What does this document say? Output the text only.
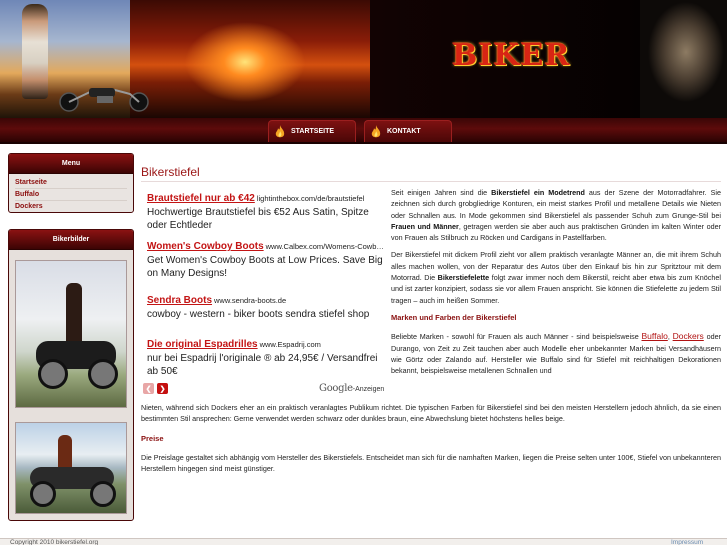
BIKER
STARTSEITE	KONTAKT
Menu
Startseite
Buffalo
Dockers
Bikerbilder
Bikerstiefel
Brautstiefel nur ab €42 lightinthebox.com/de/brautstiefel
Hochwertige Brautstiefel bis €52 Aus Satin, Spitze oder Echtleder
Women's Cowboy Boots www.Calbex.com/Womens-Cowb…
Get Women's Cowboy Boots at Low Prices. Save Big on Many Designs!
Sendra Boots www.sendra-boots.de
cowboy - western - biker boots sendra stiefel shop
Die original Espadrilles www.Espadrij.com
nur bei Espadrij l'originale ® ab 24,95€ / Versandfrei ab 50€
❮	❯	Google-Anzeigen

Seit einigen Jahren sind die Bikerstiefel ein Modetrend aus der Szene der Motorradfahrer. Sie zeichnen sich durch grobgliedrige Konturen, ein meist starkes Profil und metallene Details wie Nieten oder Schnallen aus. In Mode gekommen sind Bikerstiefel als passender Schuh zum Grunge-Stil bei Frauen und Männer, getragen werden sie aber auch aus praktischen Gründen im kalten Winter oder von Frauen als Stilbruch zu Röcken und Cardigans in Pastellfarben.

Der Bikerstiefel mit dickem Profil zieht vor allem praktisch veranlagte Männer an, die mit ihrem Schuh alles machen wollen, von der Reparatur des Autos über den Einkauf bis hin zur Spritztour mit dem Motorrad. Die Bikerstiefelette folgt zwar immer noch dem Bikerstil, reicht aber etwa bis zum Knöchel und ist zarter konzipiert, sodass sie vor allem Frauen anspricht. Sie können die Stiefelette zu jedem Stil tragen – auch im heißen Sommer.

Marken und Farben der Bikerstiefel

Beliebte Marken - sowohl für Frauen als auch Männer - sind beispielsweise Buffalo, Dockers oder Durango, von Zeit zu Zeit tauchen aber auch Modelle eher unbekannter Marken bei Versandhäusern wie Görtz oder Zalando auf. Hersteller wie Buffalo sind für Stiefel mit reichhaltigen Dekorationen bekannt, beispielsweise metallenen Schnallen und

Nieten, während sich Dockers eher an ein praktisch veranlagtes Publikum richtet. Die typischen Farben für Bikerstiefel sind bei den meisten Herstellern jedoch ähnlich, da sie einen bestimmten Stil ansprechen: Gerne verwendet werden schwarz oder dunkles braun, eine Abwechslung bietet höchstens helles beige.

Preise

Die Preislage gestaltet sich abhängig vom Hersteller des Bikerstiefels. Entscheidet man sich für die namhaften Marken, liegen die Preise selten unter 100€, Stiefel von unbekannteren Herstellern hingegen sind meist günstiger.

Copyright 2010 bikerstiefel.org	Impressum
